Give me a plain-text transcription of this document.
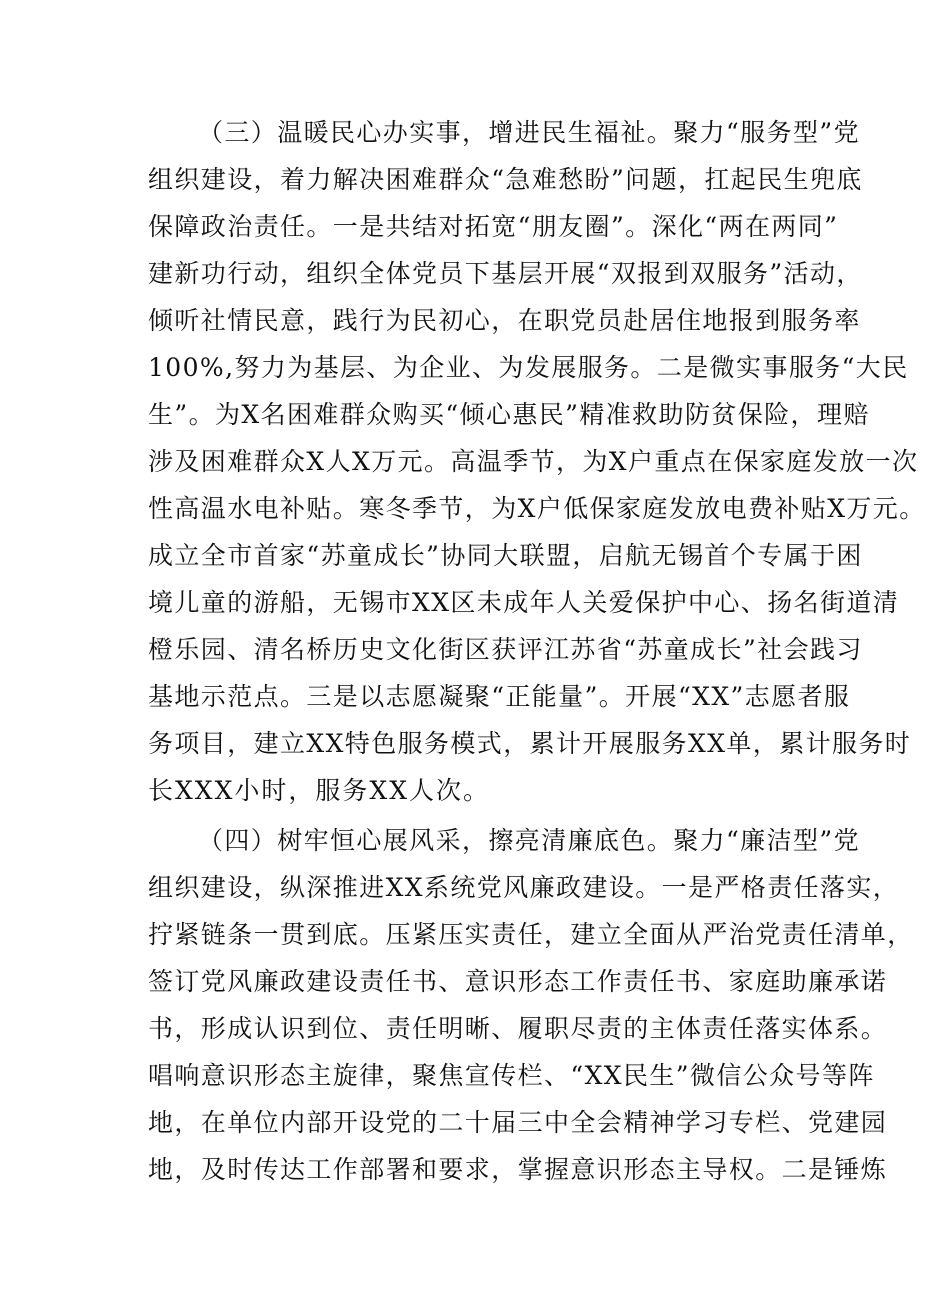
（三）温暖民心办实事，增进民生福祉。聚力“服务型”党
组织建设，着力解决困难群众“急难愁盼”问题，扛起民生兜底
保障政治责任。一是共结对拓宽“朋友圈”。深化“两在两同”
建新功行动，组织全体党员下基层开展“双报到双服务”活动，
倾听社情民意，践行为民初心，在职党员赴居住地报到服务率
100%,努力为基层、为企业、为发展服务。二是微实事服务“大民
生”。为X名困难群众购买“倾心惠民”精准救助防贫保险，理赔
涉及困难群众X人X万元。高温季节，为X户重点在保家庭发放一次
性高温水电补贴。寒冬季节，为X户低保家庭发放电费补贴X万元。
成立全市首家“苏童成长”协同大联盟，启航无锡首个专属于困
境儿童的游船，无锡市XX区未成年人关爱保护中心、扬名街道清
橙乐园、清名桥历史文化街区获评江苏省“苏童成长”社会践习
基地示范点。三是以志愿凝聚“正能量”。开展“XX”志愿者服
务项目，建立XX特色服务模式，累计开展服务XX单，累计服务时
长XXX小时，服务XX人次。
（四）树牢恒心展风采，擦亮清廉底色。聚力“廉洁型”党
组织建设，纵深推进XX系统党风廉政建设。一是严格责任落实，
拧紧链条一贯到底。压紧压实责任，建立全面从严治党责任清单，
签订党风廉政建设责任书、意识形态工作责任书、家庭助廉承诺
书，形成认识到位、责任明晰、履职尽责的主体责任落实体系。
唱响意识形态主旋律，聚焦宣传栏、“XX民生”微信公众号等阵
地，在单位内部开设党的二十届三中全会精神学习专栏、党建园
地，及时传达工作部署和要求，掌握意识形态主导权。二是锤炼
